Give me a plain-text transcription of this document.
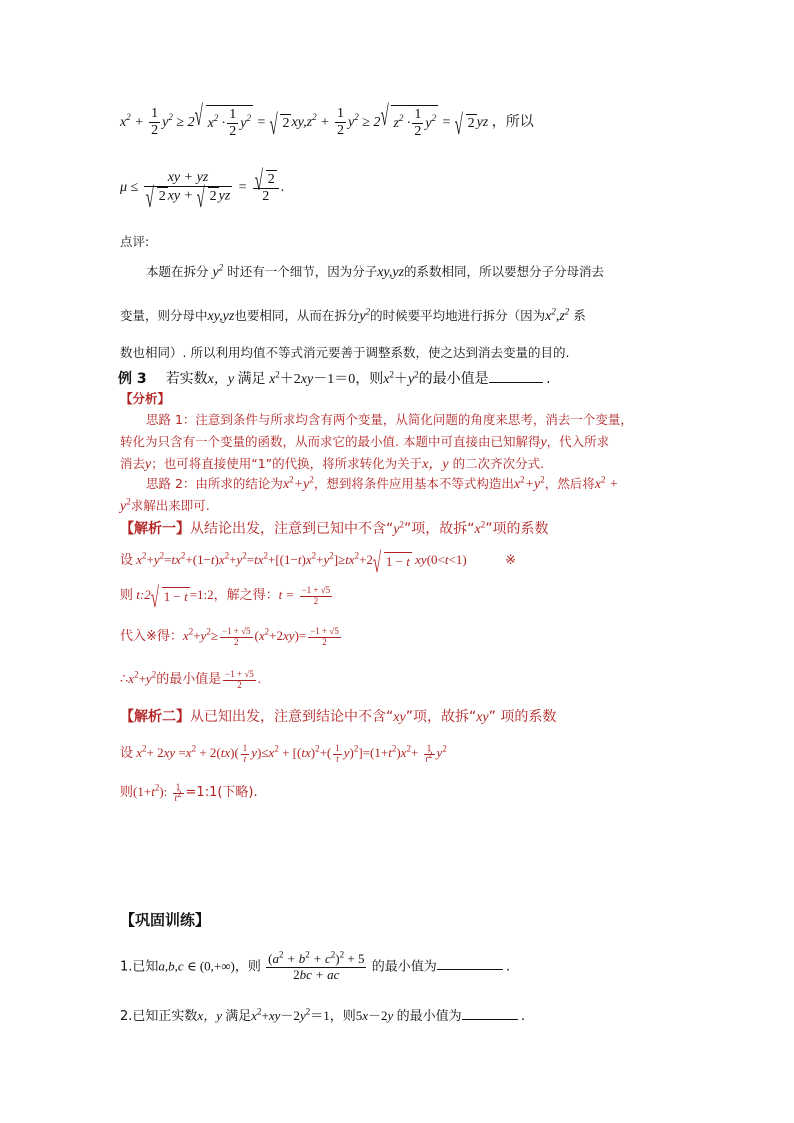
$x^2 + \frac{1}{2} y^2 \ge 2$ √ $x^2 \cdot \frac{1}{2} y^2$ = √ 2 $xy,z^2 + \frac{1}{2} y^2 \ge 2$ √ $z^2 \cdot \frac{1}{2} y^2$ = √ 2 yz ，所以
$\mu \le \frac{xy + yz}{√ 2 xy + √ 2 yz} = \frac{√ 2}{2}$ .
点评:
本题在拆分 $y^2$ 时还有一个细节，因为分子xy,yz的系数相同，所以要想分子分母消去
变量，则分母中xy,yz也要相同，从而在拆分$y^2$的时候要平均地进行拆分（因为$x^2,z^2$ 系
数也相同）. 所以利用均值不等式消元要善于调整系数，使之达到消去变量的目的.
例 3 若实数x，y 满足 $x^2+2xy-1=0$，则$x^2+y^2$的最小值是	.
【分析】
思路 1：注意到条件与所求均含有两个变量，从简化问题的角度来思考，消去一个变量，
转化为只含有一个变量的函数，从而求它的最小值. 本题中可直接由已知解得y，代入所求
消去y；也可将直接使用“1”的代换，将所求转化为关于x，y 的二次齐次分式.
思路 2：由所求的结论为$x^2+y^2$，想到将条件应用基本不等式构造出$x^2+y^2$，然后将$x^2$ +
$y^2$求解出来即可.
【解析一】从结论出发，注意到已知中不含“$y^2$”项，故拆“$x^2$”项的系数
设 $x^2+y^2=tx^2+(1-t)x^2+y^2=tx^2+[(1-t)x^2+y^2]\ge tx^2+2$ √ 1 − t xy(0<t<1)	※
则 t:2 √ 1 − t =1:2，解之得：$t = \frac{-1 + √5}{2}$
代入※得：$x^2+y^2\ge \frac{-1 + √5}{2} (x^2+2xy)= \frac{-1 + √5}{2}$
$\therefore x^2+y^2$的最小值是 $\frac{-1 + √5}{2}$ .
【解析二】从已知出发，注意到结论中不含“xy”项，故拆“xy” 项的系数
设 $x^2+ 2xy =x^2 + 2(tx)( \frac{1}{t} y)\le x^2 + [(tx)^2+( \frac{1}{t} y)^2]=(1+t^2)x^2+ \frac{1}{t^2} y^2$
则$(1+t^2)$: $\frac{1}{t^2}$ =1:1(下略).
【巩固训练】
1.已知a,b,c ∈ (0,+∞)，则 $\frac{(a^2 + b^2 + c^2)^2 + 5}{2bc + ac}$ 的最小值为	.
2.已知正实数x，y 满足$x^2+xy-2y^2=1$，则5x－2y 的最小值为	.
